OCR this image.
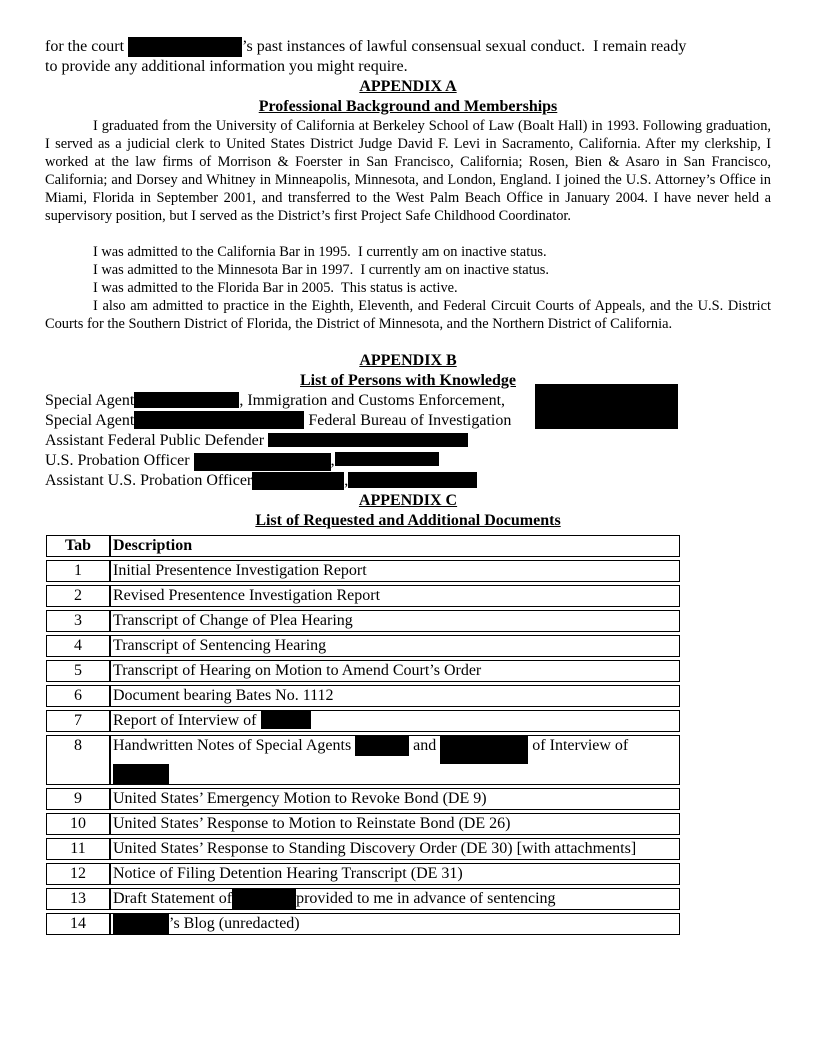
for the court	’s past instances of lawful consensual sexual conduct.  I remain ready
to provide any additional information you might require.
APPENDIX A
Professional Background and Memberships
I graduated from the University of California at Berkeley School of Law (Boalt Hall) in 1993. Following graduation, I served as a judicial clerk to United States District Judge David F. Levi in Sacramento, California. After my clerkship, I worked at the law firms of Morrison & Foerster in San Francisco, California; Rosen, Bien & Asaro in San Francisco, California; and Dorsey and Whitney in Minneapolis, Minnesota, and London, England. I joined the U.S. Attorney’s Office in Miami, Florida in September 2001, and transferred to the West Palm Beach Office in January 2004. I have never held a supervisory position, but I served as the District’s first Project Safe Childhood Coordinator.
I was admitted to the California Bar in 1995.  I currently am on inactive status.
I was admitted to the Minnesota Bar in 1997.  I currently am on inactive status.
I was admitted to the Florida Bar in 2005.  This status is active.
I also am admitted to practice in the Eighth, Eleventh, and Federal Circuit Courts of Appeals, and the U.S. District Courts for the Southern District of Florida, the District of Minnesota, and the Northern District of California.
APPENDIX B
List of Persons with Knowledge
Special Agent	, Immigration and Customs Enforcement,
Special Agent	Federal Bureau of Investigation
Assistant Federal Public Defender
U.S. Probation Officer	,
Assistant U.S. Probation Officer	,
APPENDIX C
List of Requested and Additional Documents
Tab	Description
1	Initial Presentence Investigation Report
2	Revised Presentence Investigation Report
3	Transcript of Change of Plea Hearing
4	Transcript of Sentencing Hearing
5	Transcript of Hearing on Motion to Amend Court’s Order
6	Document bearing Bates No. 1112
7	Report of Interview of
8	Handwritten Notes of Special Agents and of Interview of

9	United States’ Emergency Motion to Revoke Bond (DE 9)
10	United States’ Response to Motion to Reinstate Bond (DE 26)
11	United States’ Response to Standing Discovery Order (DE 30) [with attachments]
12	Notice of Filing Detention Hearing Transcript (DE 31)
13	Draft Statement of provided to me in advance of sentencing
14	’s Blog (unredacted)
